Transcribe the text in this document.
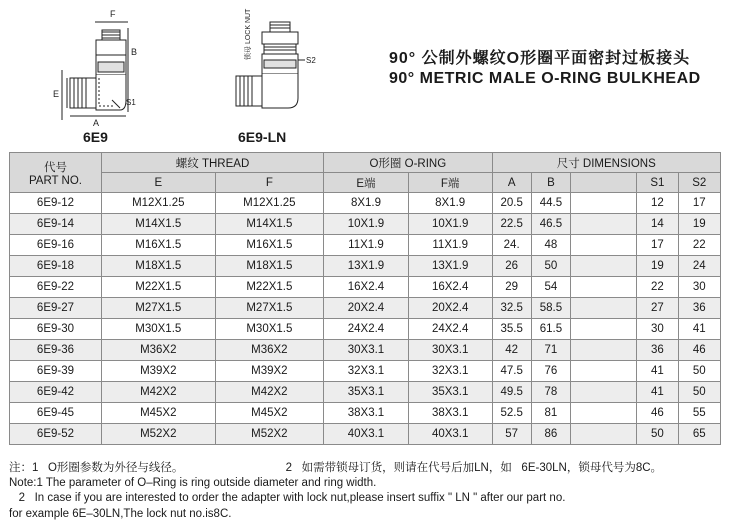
F
B
E
A
S1
锁母 LOCK NUT
S2
6E9	6E9-LN
90° 公制外螺纹O形圈平面密封过板接头
90° METRIC MALE O-RING BULKHEAD
代号
PART NO.	螺纹 THREAD		O形圈 O-RING		尺寸 DIMENSIONS				
	E	F	E端	F端	A	B		S1	S2
6E9-12	M12X1.25	M12X1.25	8X1.9	8X1.9	20.5	44.5		12	17
6E9-14	M14X1.5	M14X1.5	10X1.9	10X1.9	22.5	46.5		14	19
6E9-16	M16X1.5	M16X1.5	11X1.9	11X1.9	24.	48		17	22
6E9-18	M18X1.5	M18X1.5	13X1.9	13X1.9	26	50		19	24
6E9-22	M22X1.5	M22X1.5	16X2.4	16X2.4	29	54		22	30
6E9-27	M27X1.5	M27X1.5	20X2.4	20X2.4	32.5	58.5		27	36
6E9-30	M30X1.5	M30X1.5	24X2.4	24X2.4	35.5	61.5		30	41
6E9-36	M36X2	M36X2	30X3.1	30X3.1	42	71		36	46
6E9-39	M39X2	M39X2	32X3.1	32X3.1	47.5	76		41	50
6E9-42	M42X2	M42X2	35X3.1	35X3.1	49.5	78		41	50
6E9-45	M45X2	M45X2	38X3.1	38X3.1	52.5	81		46	55
6E9-52	M52X2	M52X2	40X3.1	40X3.1	57	86		50	65
注：1   O形圈参数为外径与线径。                                2   如需带锁母订货，则请在代号后加LN，如   6E-30LN，锁母代号为8C。
Note:1 The parameter of O–Ring is ring outside diameter and ring width.
2   In case if you are interested to order the adapter with lock nut,please insert suffix " LN " after our part no.
for example 6E–30LN,The lock nut no.is8C.
